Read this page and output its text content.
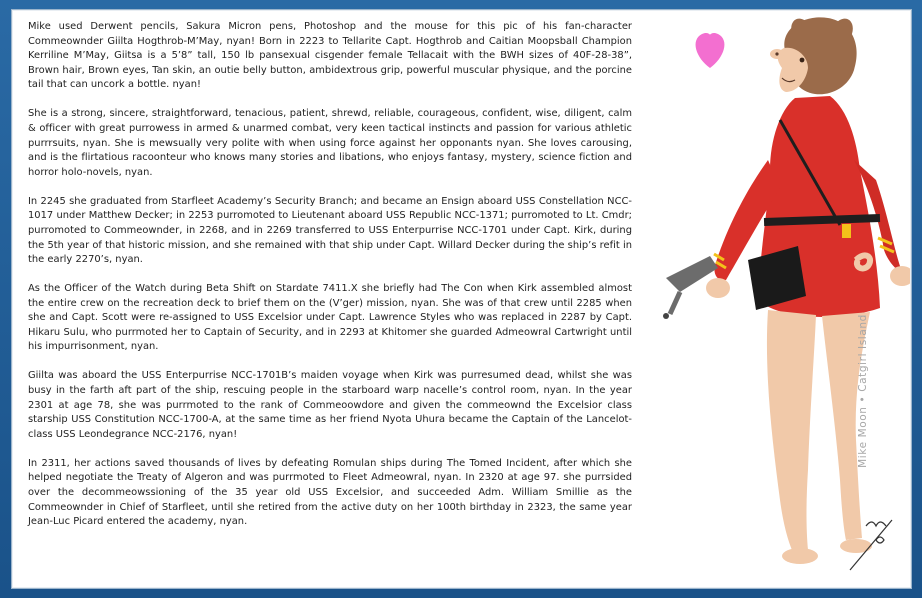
Mike used Derwent pencils, Sakura Micron pens, Photoshop and the mouse for this pic of his fan-character Commeownder Giilta Hogthrob-M’May, nyan! Born in 2223 to Tellarite Capt. Hogthrob and Caitian Moopsball Champion Kerriline M’May, Giitsa is a 5’8” tall, 150 lb pansexual cisgender female Tellacait with the BWH sizes of 40F-28-38”, Brown hair, Brown eyes, Tan skin, an outie belly button, ambidextrous grip, powerful muscular physique, and the porcine tail that can uncork a bottle. nyan!

She is a strong, sincere, straightforward, tenacious, patient, shrewd, reliable, courageous, confident, wise, diligent, calm & officer with great purrowess in armed & unarmed combat, very keen tactical instincts and passion for various athletic purrrsuits, nyan. She is mewsually very polite with when using force against her opponants nyan. She loves carousing, and is the flirtatious racoonteur who knows many stories and libations, who enjoys fantasy, mystery, science fiction and horror holo-novels, nyan.

In 2245 she graduated from Starfleet Academy’s Security Branch; and became an Ensign aboard USS Constellation NCC-1017 under Matthew Decker; in 2253 purromoted to Lieutenant aboard USS Republic NCC-1371; purromoted to Lt. Cmdr; purromoted to Commeownder, in 2268, and in 2269 transferred to USS Enterpurrise NCC-1701 under Capt. Kirk, during the 5th year of that historic mission, and she remained with that ship under Capt. Willard Decker during the ship’s refit in the early 2270’s, nyan.

As the Officer of the Watch during Beta Shift on Stardate 7411.X she briefly had The Con when Kirk assembled almost the entire crew on the recreation deck to brief them on the (V’ger) mission, nyan. She was of that crew until 2285 when she and Capt. Scott were re-assigned to USS Excelsior under Capt. Lawrence Styles who was replaced in 2287 by Capt. Hikaru Sulu, who purrmoted her to Captain of Security, and in 2293 at Khitomer she guarded Admeowral Cartwright until his impurrisonment, nyan.

Giilta was aboard the USS Enterpurrise NCC-1701B’s maiden voyage when Kirk was purresumed dead, whilst she was busy in the farth aft part of the ship, rescuing people in the starboard warp nacelle’s control room, nyan. In the year 2301 at age 78, she was purrmoted to the rank of Commeoowdore and given the commeownd the Excelsior class starship USS Constitution NCC-1700-A, at the same time as her friend Nyota Uhura became the Captain of the Lancelot-class USS Leondegrance NCC-2176, nyan!

In 2311, her actions saved thousands of lives by defeating Romulan ships during The Tomed Incident, after which she helped negotiate the Treaty of Algeron and was purrmoted to Fleet Admeowral, nyan. In 2320 at age 97. she purrsided over the decommeowssioning of the 35 year old USS Excelsior, and succeeded Adm. William Smillie as the Commeownder in Chief of Starfleet, until she retired from the active duty on her 100th birthday in 2323, the same year Jean-Luc Picard entered the academy, nyan.

Mike Moon • Catgirl Island
